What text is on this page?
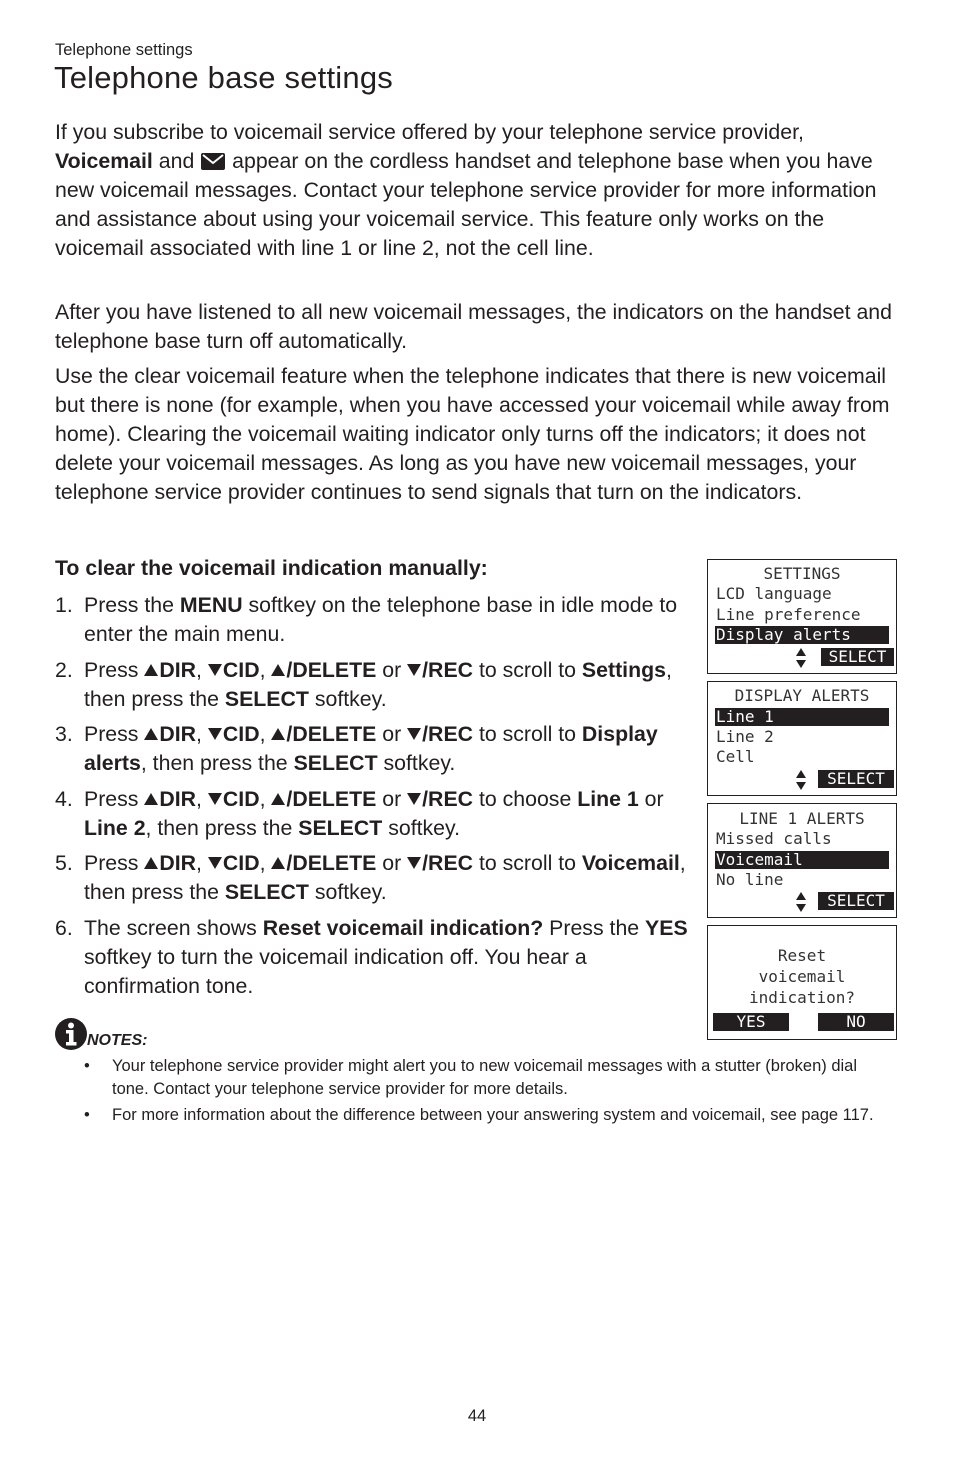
Telephone settings
Telephone base settings

If you subscribe to voicemail service offered by your telephone service provider, Voicemail and  appear on the cordless handset and telephone base when you have new voicemail messages. Contact your telephone service provider for more information and assistance about using your voicemail service. This feature only works on the voicemail associated with line 1 or line 2, not the cell line.

After you have listened to all new voicemail messages, the indicators on the handset and telephone base turn off automatically.

Use the clear voicemail feature when the telephone indicates that there is new voicemail but there is none (for example, when you have accessed your voicemail while away from home). Clearing the voicemail waiting indicator only turns off the indicators; it does not delete your voicemail messages. As long as you have new voicemail messages, your telephone service provider continues to send signals that turn on the indicators.

To clear the voicemail indication manually:
1. Press the MENU softkey on the telephone base in idle mode to enter the main menu.
2. Press DIR, CID, /DELETE or /REC to scroll to Settings, then press the SELECT softkey.
3. Press DIR, CID, /DELETE or /REC to scroll to Display alerts, then press the SELECT softkey.
4. Press DIR, CID, /DELETE or /REC to choose Line 1 or Line 2, then press the SELECT softkey.
5. Press DIR, CID, /DELETE or /REC to scroll to Voicemail, then press the SELECT softkey.
6. The screen shows Reset voicemail indication? Press the YES softkey to turn the voicemail indication off. You hear a confirmation tone.
SETTINGS
LCD language
Line preference
Display alerts
SELECT
DISPLAY ALERTS
Line 1
Line 2
Cell
SELECT
LINE 1 ALERTS
Missed calls
Voicemail
No line
SELECT
Reset
voicemail
indication?
YES	NO
NOTES:
• Your telephone service provider might alert you to new voicemail messages with a stutter (broken) dial tone. Contact your telephone service provider for more details.
• For more information about the difference between your answering system and voicemail, see page 117.
44
